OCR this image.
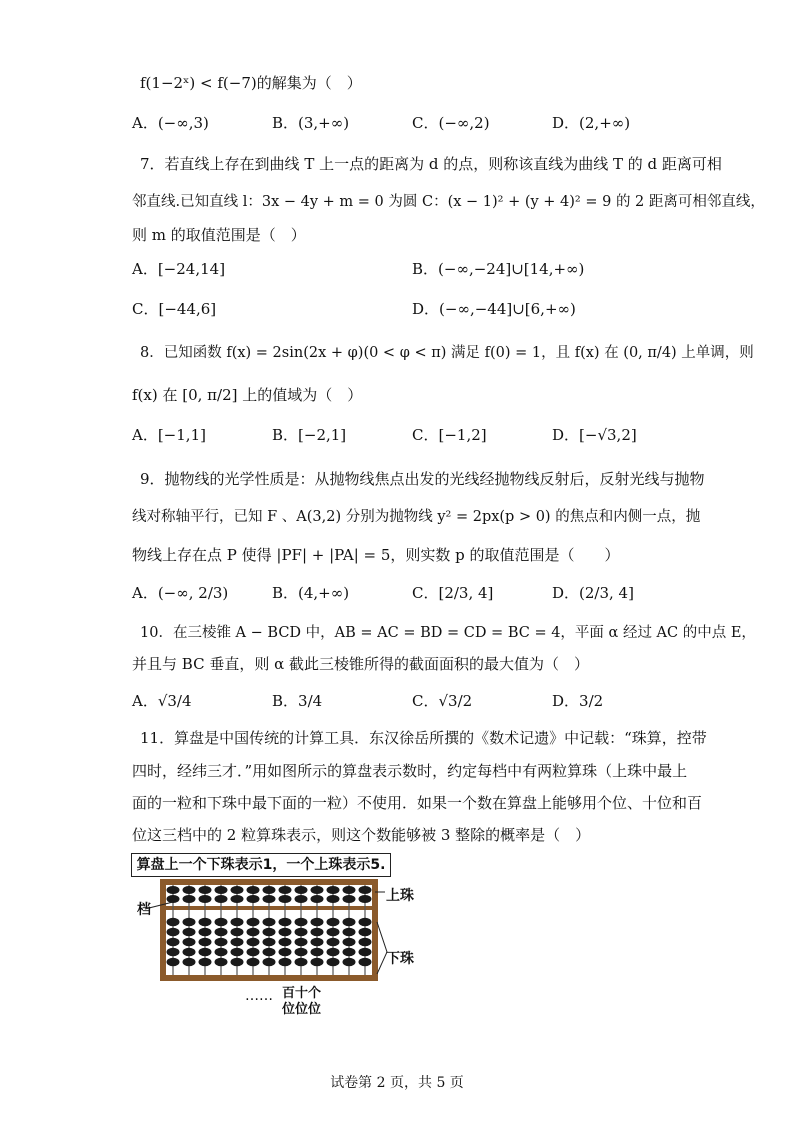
f(1−2ˣ) < f(−7)的解集为（　）
A．(−∞,3)	B．(3,+∞)	C．(−∞,2)	D．(2,+∞)
7．若直线上存在到曲线 T 上一点的距离为 d 的点，则称该直线为曲线 T 的 d 距离可相
邻直线.已知直线 l：3x − 4y + m = 0 为圆 C：(x − 1)² + (y + 4)² = 9 的 2 距离可相邻直线，
则 m 的取值范围是（　）
A．[−24,14]	B．(−∞,−24]∪[14,+∞)
C．[−44,6]	D．(−∞,−44]∪[6,+∞)
8．已知函数 f(x) = 2sin(2x + φ)(0 < φ < π) 满足 f(0) = 1，且 f(x) 在 (0, π/4) 上单调，则
f(x) 在 [0, π/2] 上的值域为（　）
A．[−1,1]	B．[−2,1]	C．[−1,2]	D．[−√3,2]
9．抛物线的光学性质是：从抛物线焦点出发的光线经抛物线反射后，反射光线与抛物
线对称轴平行，已知 F 、A(3,2) 分别为抛物线 y² = 2px(p > 0) 的焦点和内侧一点，抛
物线上存在点 P 使得 |PF| + |PA| = 5，则实数 p 的取值范围是（　　）
A．(−∞, 2/3)	B．(4,+∞)	C．[2/3, 4]	D．(2/3, 4]
10．在三棱锥 A − BCD 中，AB = AC = BD = CD = BC = 4，平面 α 经过 AC 的中点 E，
并且与 BC 垂直，则 α 截此三棱锥所得的截面面积的最大值为（　）
A．√3/4	B．3/4	C．√3/2	D．3/2
11．算盘是中国传统的计算工具．东汉徐岳所撰的《数术记遗》中记载：“珠算，控带
四时，经纬三才．”用如图所示的算盘表示数时，约定每档中有两粒算珠（上珠中最上
面的一粒和下珠中最下面的一粒）不使用．如果一个数在算盘上能够用个位、十位和百
位这三档中的 2 粒算珠表示，则这个数能够被 3 整除的概率是（　）
算盘上一个下珠表示1，一个上珠表示5.
上珠
下珠
档
…… 百十个
位位位
试卷第 2 页，共 5 页
